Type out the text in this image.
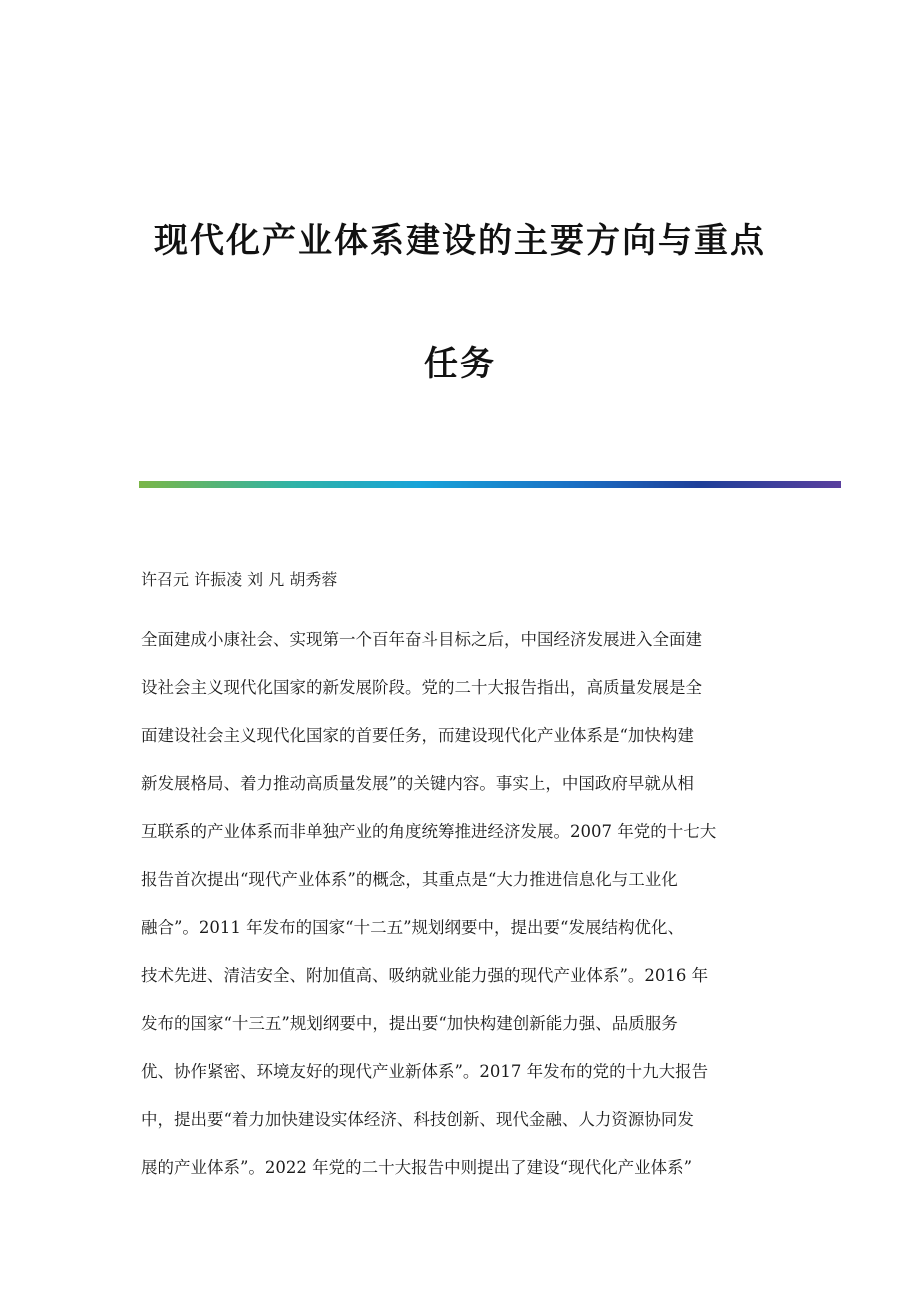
现代化产业体系建设的主要方向与重点
任务
许召元 许振凌 刘 凡 胡秀蓉
全面建成小康社会、实现第一个百年奋斗目标之后，中国经济发展进入全面建
设社会主义现代化国家的新发展阶段。党的二十大报告指出，高质量发展是全
面建设社会主义现代化国家的首要任务，而建设现代化产业体系是“加快构建
新发展格局、着力推动高质量发展”的关键内容。事实上，中国政府早就从相
互联系的产业体系而非单独产业的角度统筹推进经济发展。2007 年党的十七大
报告首次提出“现代产业体系”的概念，其重点是“大力推进信息化与工业化
融合”。2011 年发布的国家“十二五”规划纲要中，提出要“发展结构优化、
技术先进、清洁安全、附加值高、吸纳就业能力强的现代产业体系”。2016 年
发布的国家“十三五”规划纲要中，提出要“加快构建创新能力强、品质服务
优、协作紧密、环境友好的现代产业新体系”。2017 年发布的党的十九大报告
中，提出要“着力加快建设实体经济、科技创新、现代金融、人力资源协同发
展的产业体系”。2022 年党的二十大报告中则提出了建设“现代化产业体系”
